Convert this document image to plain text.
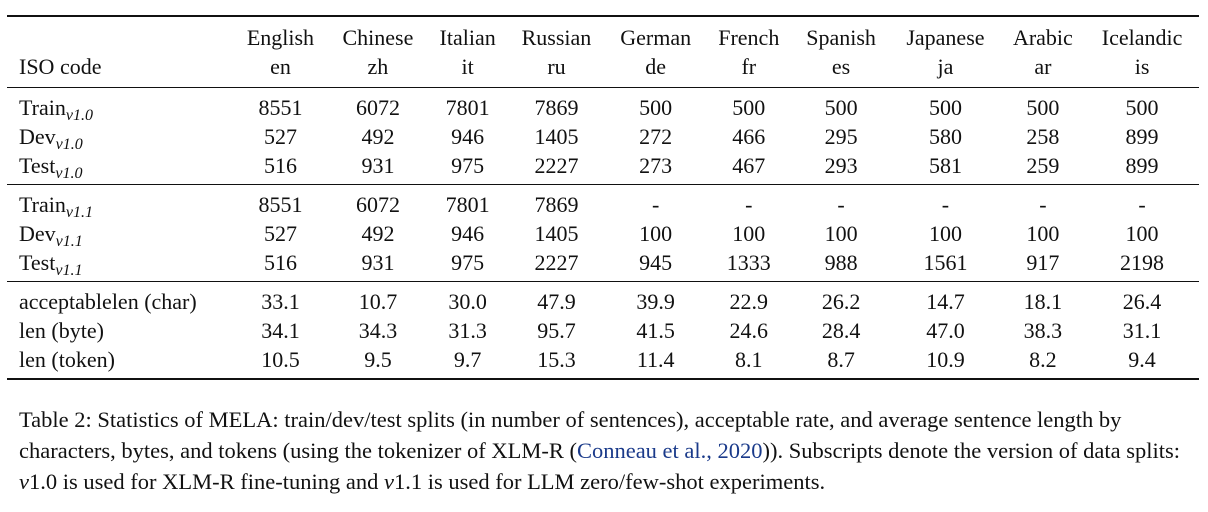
	English	Chinese	Italian	Russian	German	French	Spanish	Japanese	Arabic	Icelandic
ISO code	en	zh	it	ru	de	fr	es	ja	ar	is
Train$_{v1.0}$	8551	6072	7801	7869	500	500	500	500	500	500
Dev$_{v1.0}$	527	492	946	1405	272	466	295	580	258	899
Test$_{v1.0}$	516	931	975	2227	273	467	293	581	259	899
Train$_{v1.1}$	8551	6072	7801	7869	-	-	-	-	-	-
Dev$_{v1.1}$	527	492	946	1405	100	100	100	100	100	100
Test$_{v1.1}$	516	931	975	2227	945	1333	988	1561	917	2198
acceptablelen (char)	33.1	10.7	30.0	47.9	39.9	22.9	26.2	14.7	18.1	26.4
len (byte)	34.1	34.3	31.3	95.7	41.5	24.6	28.4	47.0	38.3	31.1
len (token)	10.5	9.5	9.7	15.3	11.4	8.1	8.7	10.9	8.2	9.4
Table 2: Statistics of MELA: train/dev/test splits (in number of sentences), acceptable rate, and average sentence length by characters, bytes, and tokens (using the tokenizer of XLM-R (Conneau et al., 2020)). Subscripts denote the version of data splits: v1.0 is used for XLM-R fine-tuning and v1.1 is used for LLM zero/few-shot experiments.
